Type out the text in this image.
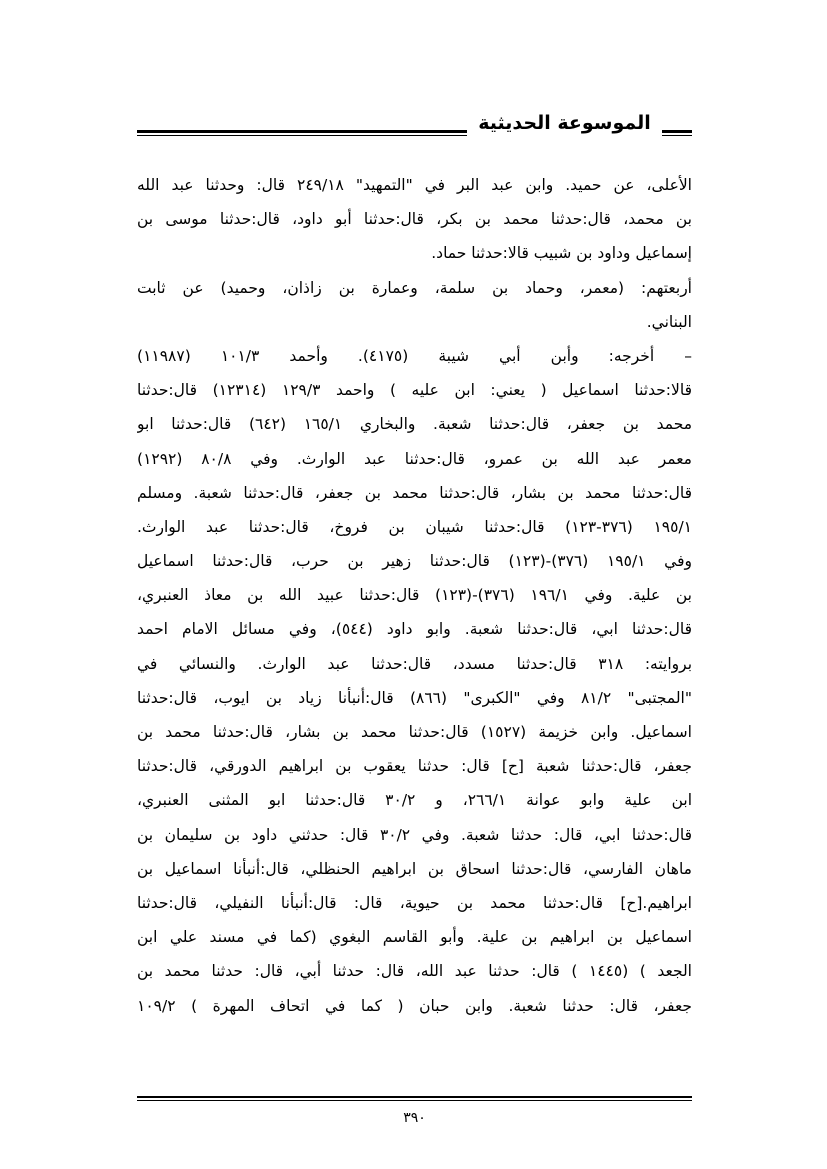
الموسوعة الحديثية
الأعلى، عن حميد. وابن عبد البر في "التمهيد" ٢٤٩/١٨ قال: وحدثنا عبد الله
بن محمد، قال:حدثنا محمد بن بكر، قال:حدثنا أبو داود، قال:حدثنا موسى بن
إسماعيل وداود بن شبيب قالا:حدثنا حماد.
أربعتهم: (معمر، وحماد بن سلمة، وعمارة بن زاذان، وحميد) عن ثابت
البناني.
– أخرجه: وأبن أبي شيبة (٤١٧٥). وأحمد ١٠١/٣ (١١٩٨٧)
قالا:حدثنا اسماعيل ( يعني: ابن عليه ) واحمد ١٢٩/٣ (١٢٣١٤) قال:حدثنا
محمد بن جعفر، قال:حدثنا شعبة. والبخاري ١٦٥/١ (٦٤٢) قال:حدثنا ابو
معمر عبد الله بن عمرو، قال:حدثنا عبد الوارث. وفي ٨٠/٨ (١٢٩٢)
قال:حدثنا محمد بن بشار، قال:حدثنا محمد بن جعفر، قال:حدثنا شعبة. ومسلم
١٩٥/١ (٣٧٦-١٢٣) قال:حدثنا شيبان بن فروخ، قال:حدثنا عبد الوارث.
وفي ١٩٥/١ (٣٧٦)-(١٢٣) قال:حدثنا زهير بن حرب، قال:حدثنا اسماعيل
بن علية. وفي ١٩٦/١ (٣٧٦)-(١٢٣) قال:حدثنا عبيد الله بن معاذ العنبري،
قال:حدثنا ابي، قال:حدثنا شعبة. وابو داود (٥٤٤)، وفي مسائل الامام احمد
بروايته: ٣١٨ قال:حدثنا مسدد، قال:حدثنا عبد الوارث. والنسائي في
"المجتبى" ٨١/٢ وفي "الكبرى" (٨٦٦) قال:أنبأنا زياد بن ايوب، قال:حدثنا
اسماعيل. وابن خزيمة (١٥٢٧) قال:حدثنا محمد بن بشار، قال:حدثنا محمد بن
جعفر، قال:حدثنا شعبة [ح] قال: حدثنا يعقوب بن ابراهيم الدورقي، قال:حدثنا
ابن علية وابو عوانة ٢٦٦/١، و ٣٠/٢ قال:حدثنا ابو المثنى العنبري،
قال:حدثنا ابي، قال: حدثنا شعبة. وفي ٣٠/٢ قال: حدثني داود بن سليمان بن
ماهان الفارسي، قال:حدثنا اسحاق بن ابراهيم الحنظلي، قال:أنبأنا اسماعيل بن
ابراهيم.[ح] قال:حدثنا محمد بن حيوية، قال: قال:أنبأنا النفيلي، قال:حدثنا
اسماعيل بن ابراهيم بن علية. وأبو القاسم البغوي (كما في مسند علي ابن
الجعد ) (١٤٤٥ ) قال: حدثنا عبد الله، قال: حدثنا أبي، قال: حدثنا محمد بن
جعفر، قال: حدثنا شعبة. وابن حبان ( كما في اتحاف المهرة ) ١٠٩/٢
٣٩٠
